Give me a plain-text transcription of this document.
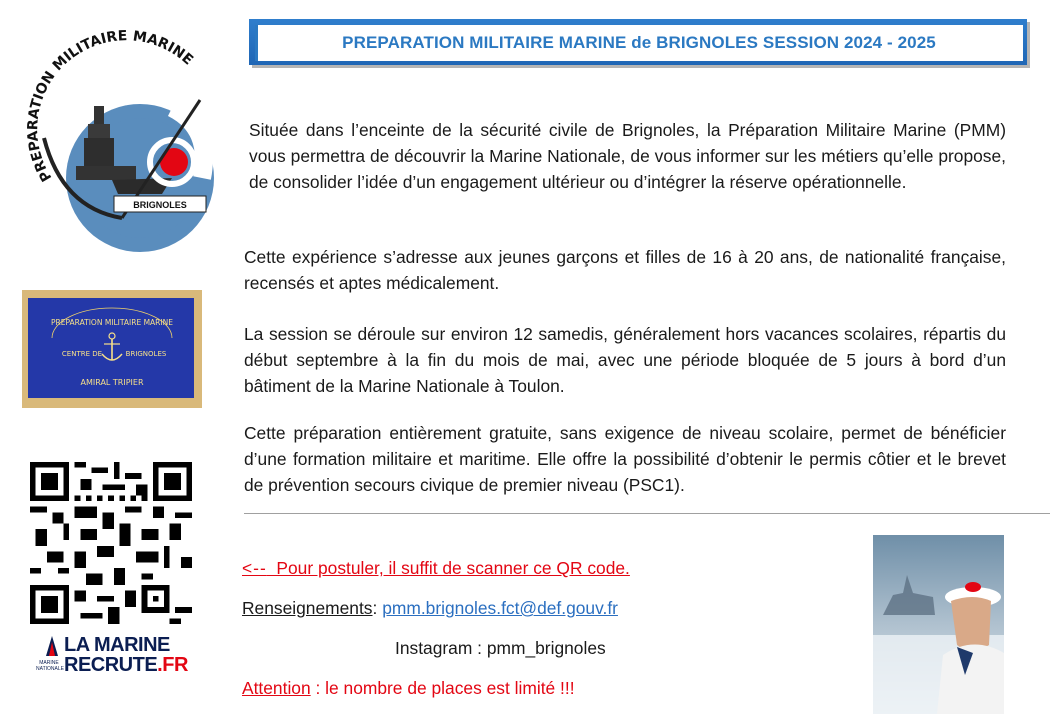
PREPARATION MILITAIRE MARINE
BRIGNOLES
PREPARATION MILITAIRE MARINE
CENTRE DE	BRIGNOLES
AMIRAL TRIPIER
MARINE NATIONALE
LA MARINE
RECRUTE.FR
PREPARATION MILITAIRE MARINE de BRIGNOLES SESSION 2024 - 2025
Située dans l’enceinte de la sécurité civile de Brignoles, la Préparation Militaire Marine (PMM) vous permettra de découvrir la Marine Nationale, de vous informer sur les métiers qu’elle propose, de consolider l’idée d’un engagement ultérieur ou d’intégrer la réserve opérationnelle.
Cette expérience s’adresse aux jeunes garçons et filles de 16 à 20 ans, de nationalité française, recensés et aptes médicalement.
La session se déroule sur environ 12 samedis, généralement hors vacances scolaires, répartis du début septembre à la fin du mois de mai, avec une période bloquée de 5 jours à bord d’un bâtiment de la Marine Nationale à Toulon.
Cette préparation entièrement gratuite, sans exigence de niveau scolaire, permet de bénéficier d’une formation militaire et maritime. Elle offre la possibilité d’obtenir le permis côtier et le brevet de prévention secours civique de premier niveau (PSC1).
<--  Pour postuler, il suffit de scanner ce QR code.
Renseignements: pmm.brignoles.fct@def.gouv.fr
Instagram : pmm_brignoles
Attention : le nombre de places est limité !!!
